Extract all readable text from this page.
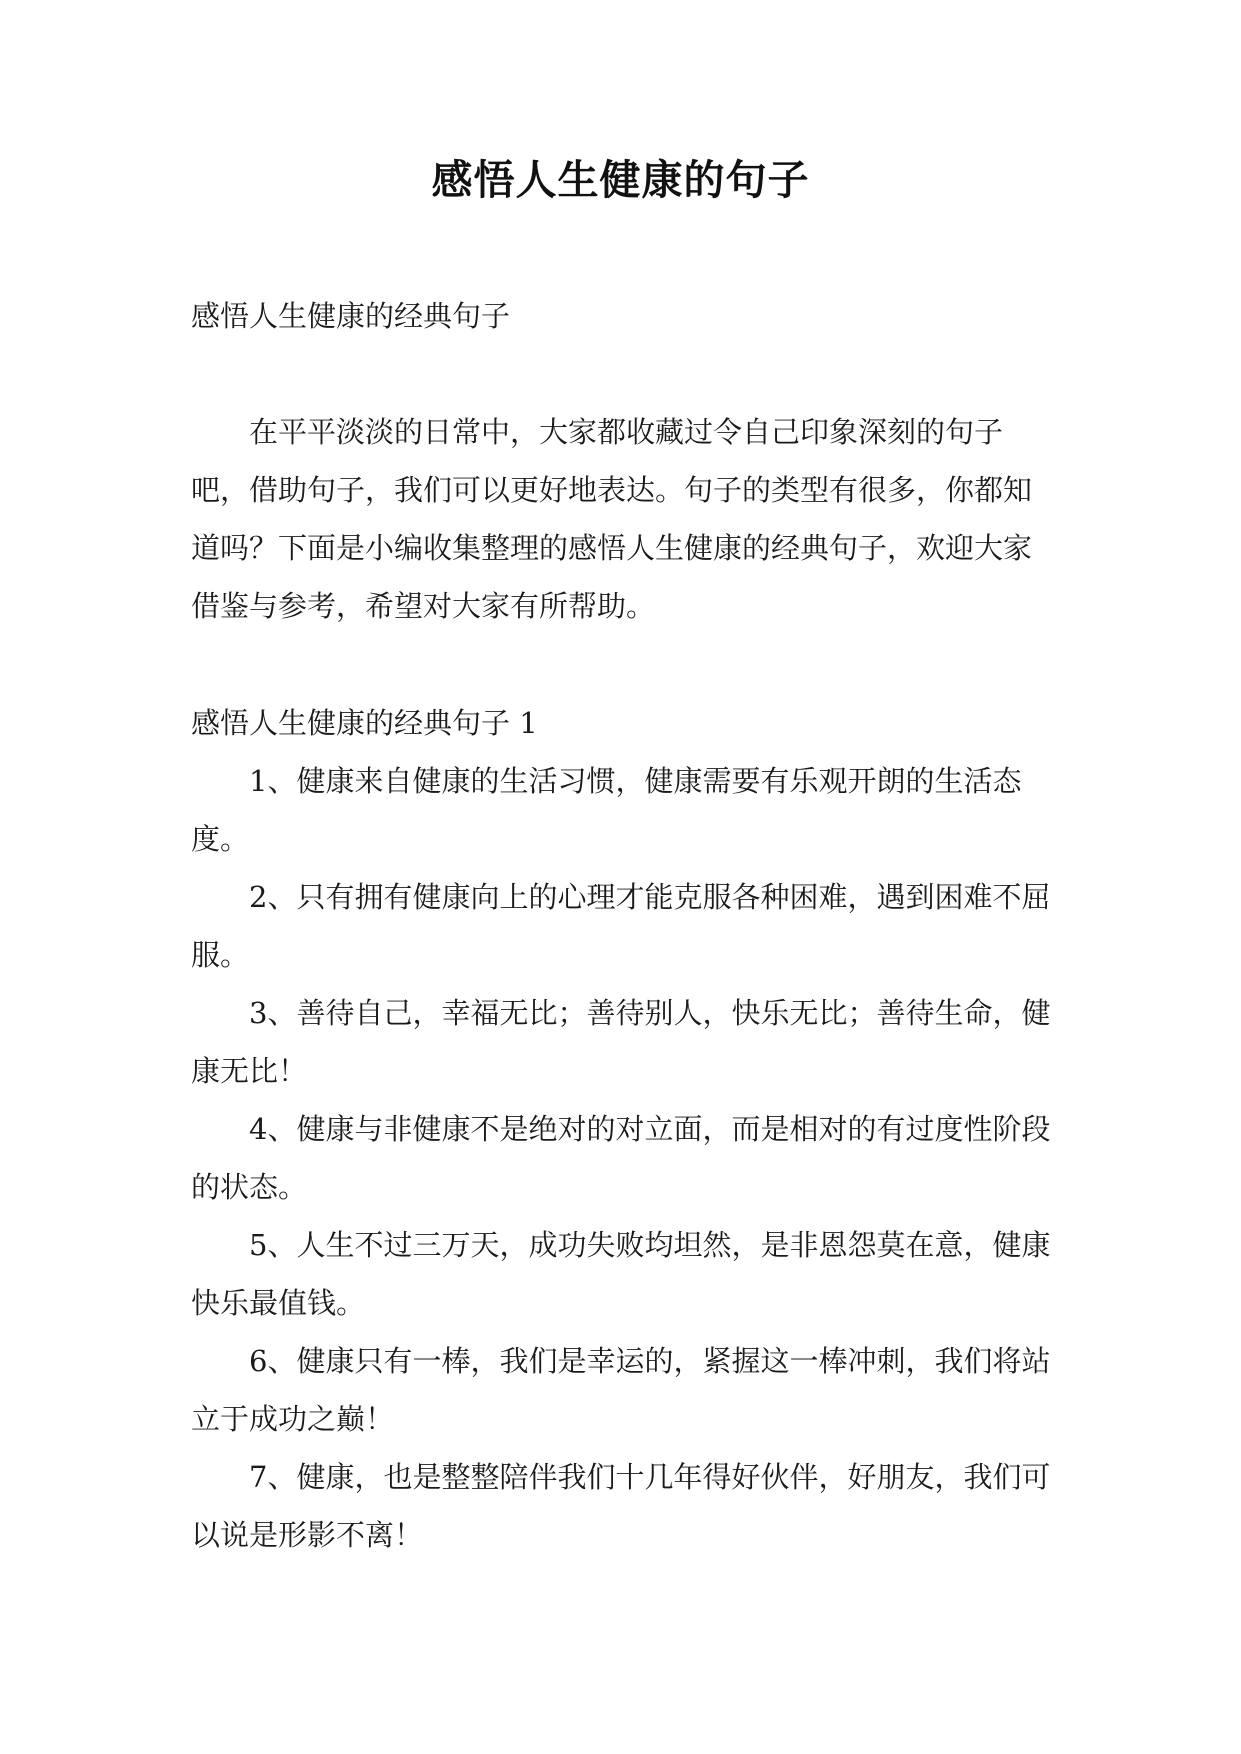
感悟人生健康的句子

感悟人生健康的经典句子

在平平淡淡的日常中，大家都收藏过令自己印象深刻的句子吧，借助句子，我们可以更好地表达。句子的类型有很多，你都知道吗？下面是小编收集整理的感悟人生健康的经典句子，欢迎大家借鉴与参考，希望对大家有所帮助。

感悟人生健康的经典句子 1

1、健康来自健康的生活习惯，健康需要有乐观开朗的生活态度。
2、只有拥有健康向上的心理才能克服各种困难，遇到困难不屈服。
3、善待自己，幸福无比；善待别人，快乐无比；善待生命，健康无比！
4、健康与非健康不是绝对的对立面，而是相对的有过度性阶段的状态。
5、人生不过三万天，成功失败均坦然，是非恩怨莫在意，健康快乐最值钱。
6、健康只有一棒，我们是幸运的，紧握这一棒冲刺，我们将站立于成功之巅！
7、健康，也是整整陪伴我们十几年得好伙伴，好朋友，我们可以说是形影不离！
